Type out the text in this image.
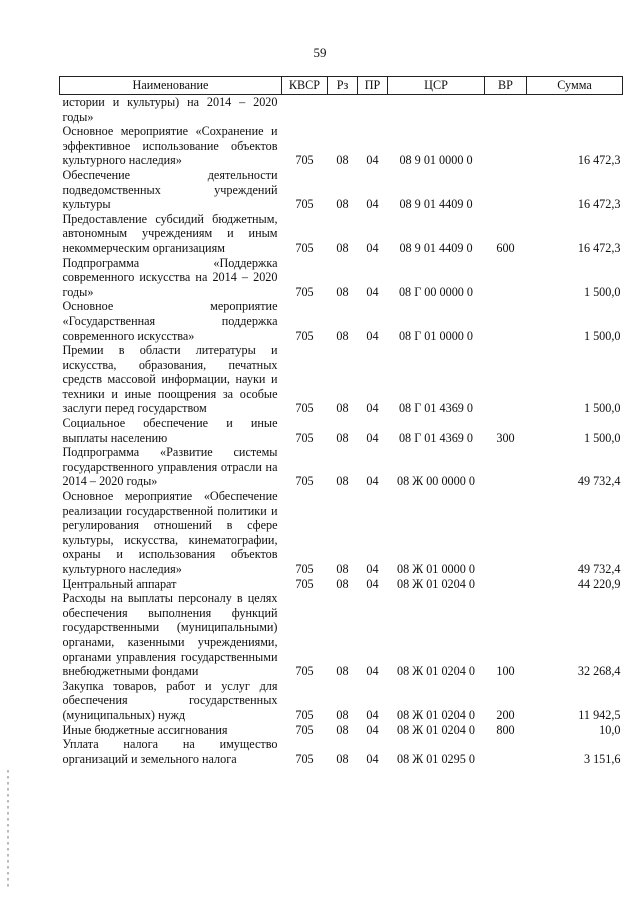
59
Наименование	КВСР	Рз	ПР	ЦСР	ВР	Сумма
истории и культуры) на 2014 – 2020 годы»						
Основное мероприятие «Сохранение и эффективное использование объектов культурного наследия»	705	08	04	08 9 01 0000 0		16 472,3
Обеспечение деятельности подведомственных учреждений культуры	705	08	04	08 9 01 4409 0		16 472,3
Предоставление субсидий бюджетным, автономным учреждениям и иным некоммерческим организациям	705	08	04	08 9 01 4409 0	600	16 472,3
Подпрограмма «Поддержка современного искусства на 2014 – 2020 годы»	705	08	04	08 Г 00 0000 0		1 500,0
Основное мероприятие «Государственная поддержка современного искусства»	705	08	04	08 Г 01 0000 0		1 500,0
Премии в области литературы и искусства, образования, печатных средств массовой информации, науки и техники и иные поощрения за особые заслуги перед государством	705	08	04	08 Г 01 4369 0		1 500,0
Социальное обеспечение и иные выплаты населению	705	08	04	08 Г 01 4369 0	300	1 500,0
Подпрограмма «Развитие системы государственного управления отрасли на 2014 – 2020 годы»	705	08	04	08 Ж 00 0000 0		49 732,4
Основное мероприятие «Обеспечение реализации государственной политики и регулирования отношений в сфере культуры, искусства, кинематографии, охраны и использования объектов культурного наследия»	705	08	04	08 Ж 01 0000 0		49 732,4
Центральный аппарат	705	08	04	08 Ж 01 0204 0		44 220,9
Расходы на выплаты персоналу в целях обеспечения выполнения функций государственными (муниципальными) органами, казенными учреждениями, органами управления государственными внебюджетными фондами	705	08	04	08 Ж 01 0204 0	100	32 268,4
Закупка товаров, работ и услуг для обеспечения государственных (муниципальных) нужд	705	08	04	08 Ж 01 0204 0	200	11 942,5
Иные бюджетные ассигнования	705	08	04	08 Ж 01 0204 0	800	10,0
Уплата налога на имущество организаций и земельного налога	705	08	04	08 Ж 01 0295 0		3 151,6
